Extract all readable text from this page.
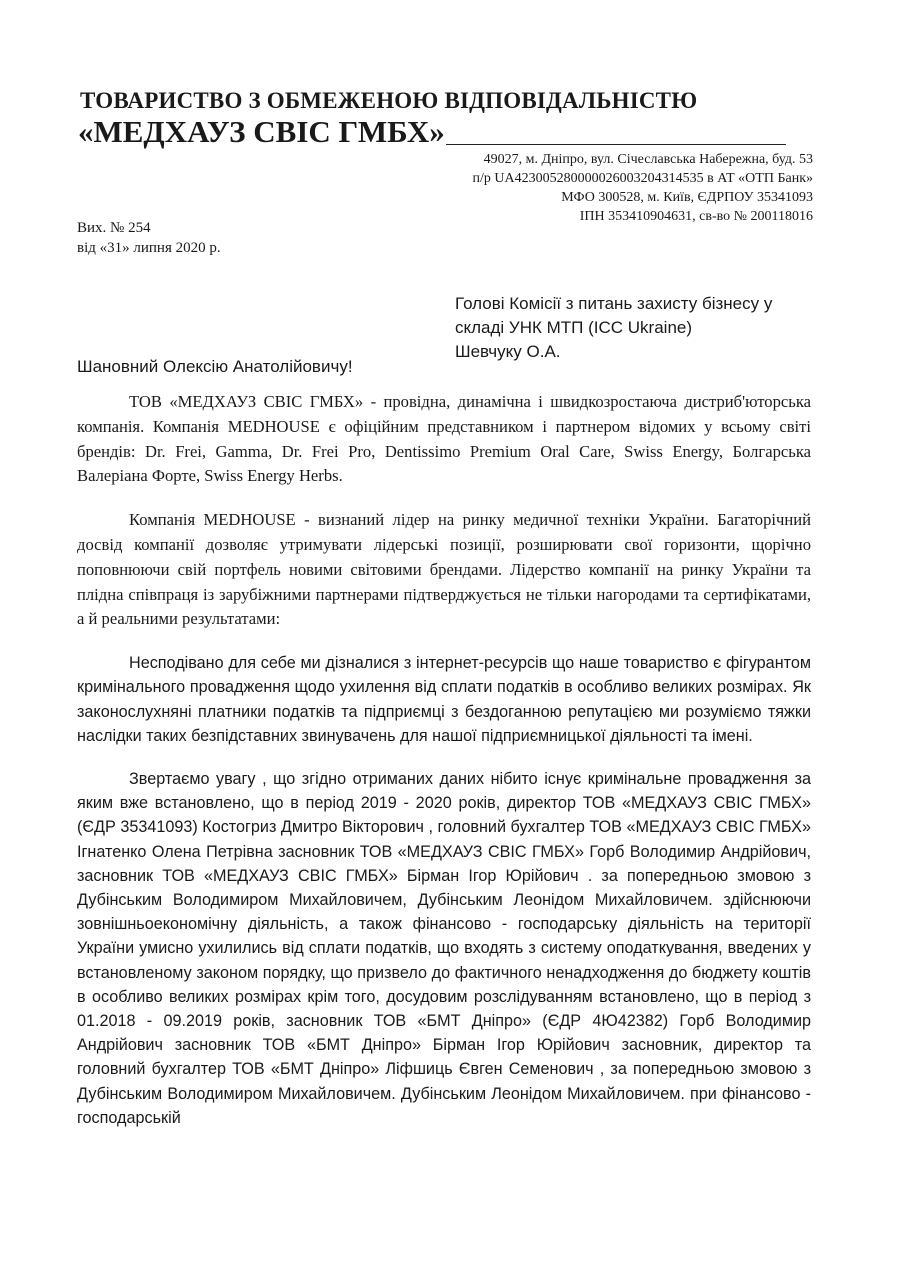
ТОВАРИСТВО З ОБМЕЖЕНОЮ ВІДПОВІДАЛЬНІСТЮ
«МЕДХАУЗ СВІС ГМБХ»
49027, м. Дніпро, вул. Січеславська Набережна, буд. 53
п/р UA423005280000026003204314535 в АТ «ОТП Банк»
МФО 300528, м. Київ, ЄДРПОУ 35341093
ІПН 353410904631, св-во № 200118016
Вих. № 254
від «31» липня 2020 р.
Голові Комісії з питань захисту бізнесу у
складі УНК МТП (ICC Ukraine)
Шевчуку О.А.
Шановний Олексію Анатолійовичу!

ТОВ «МЕДХАУЗ СВІС ГМБХ» - провідна, динамічна і швидкозростаюча дистриб'юторська компанія. Компанія MEDHOUSE є офіційним представником і партнером відомих у всьому світі брендів: Dr. Frei, Gamma, Dr. Frei Pro, Dentissimo Premium Oral Care, Swiss Energy, Болгарська Валеріана Форте, Swiss Energy Herbs.

Компанія MEDHOUSE - визнаний лідер на ринку медичної техніки України. Багаторічний досвід компанії дозволяє утримувати лідерські позиції, розширювати свої горизонти, щорічно поповнюючи свій портфель новими світовими брендами. Лідерство компанії на ринку України та плідна співпраця із зарубіжними партнерами підтверджується не тільки нагородами та сертифікатами, а й реальними результатами:

Несподівано для себе ми дізналися з інтернет-ресурсів що наше товариство є фігурантом кримінального провадження щодо ухилення від сплати податків в особливо великих розмірах. Як законослухняні платники податків та підприємці з бездоганною репутацією ми розуміємо тяжки наслідки таких безпідставних звинувачень для нашої підприємницької діяльності та імені.

Звертаємо увагу , що згідно отриманих даних нібито існує кримінальне провадження за яким вже встановлено, що в період 2019 - 2020 років, директор ТОВ «МЕДХАУЗ СВІС ГМБХ» (ЄДР 35341093) Костогриз Дмитро Вікторович , головний бухгалтер ТОВ «МЕДХАУЗ СВІС ГМБХ» Ігнатенко Олена Петрівна засновник ТОВ «МЕДХАУЗ СВІС ГМБХ» Горб Володимир Андрійович, засновник ТОВ «МЕДХАУЗ СВІС ГМБХ» Бірман Ігор Юрійович . за попередньою змовою з Дубінським Володимиром Михайловичем, Дубінським Леонідом Михайловичем. здійснюючи зовнішньоекономічну діяльність, а також фінансово - господарську діяльність на території України умисно ухилились від сплати податків, що входять з систему оподаткування, введених у встановленому законом порядку, що призвело до фактичного ненадходження до бюджету коштів в особливо великих розмірах крім того, досудовим розслідуванням встановлено, що в період з 01.2018 - 09.2019 років, засновник ТОВ «БМТ Дніпро» (ЄДР 4Ю42382) Горб Володимир Андрійович засновник ТОВ «БМТ Дніпро» Бірман Ігор Юрійович засновник, директор та головний бухгалтер ТОВ «БМТ Дніпро» Ліфшиць Євген Семенович , за попередньою змовою з Дубінським Володимиром Михайловичем. Дубінським Леонідом Михайловичем. при фінансово - господарській
